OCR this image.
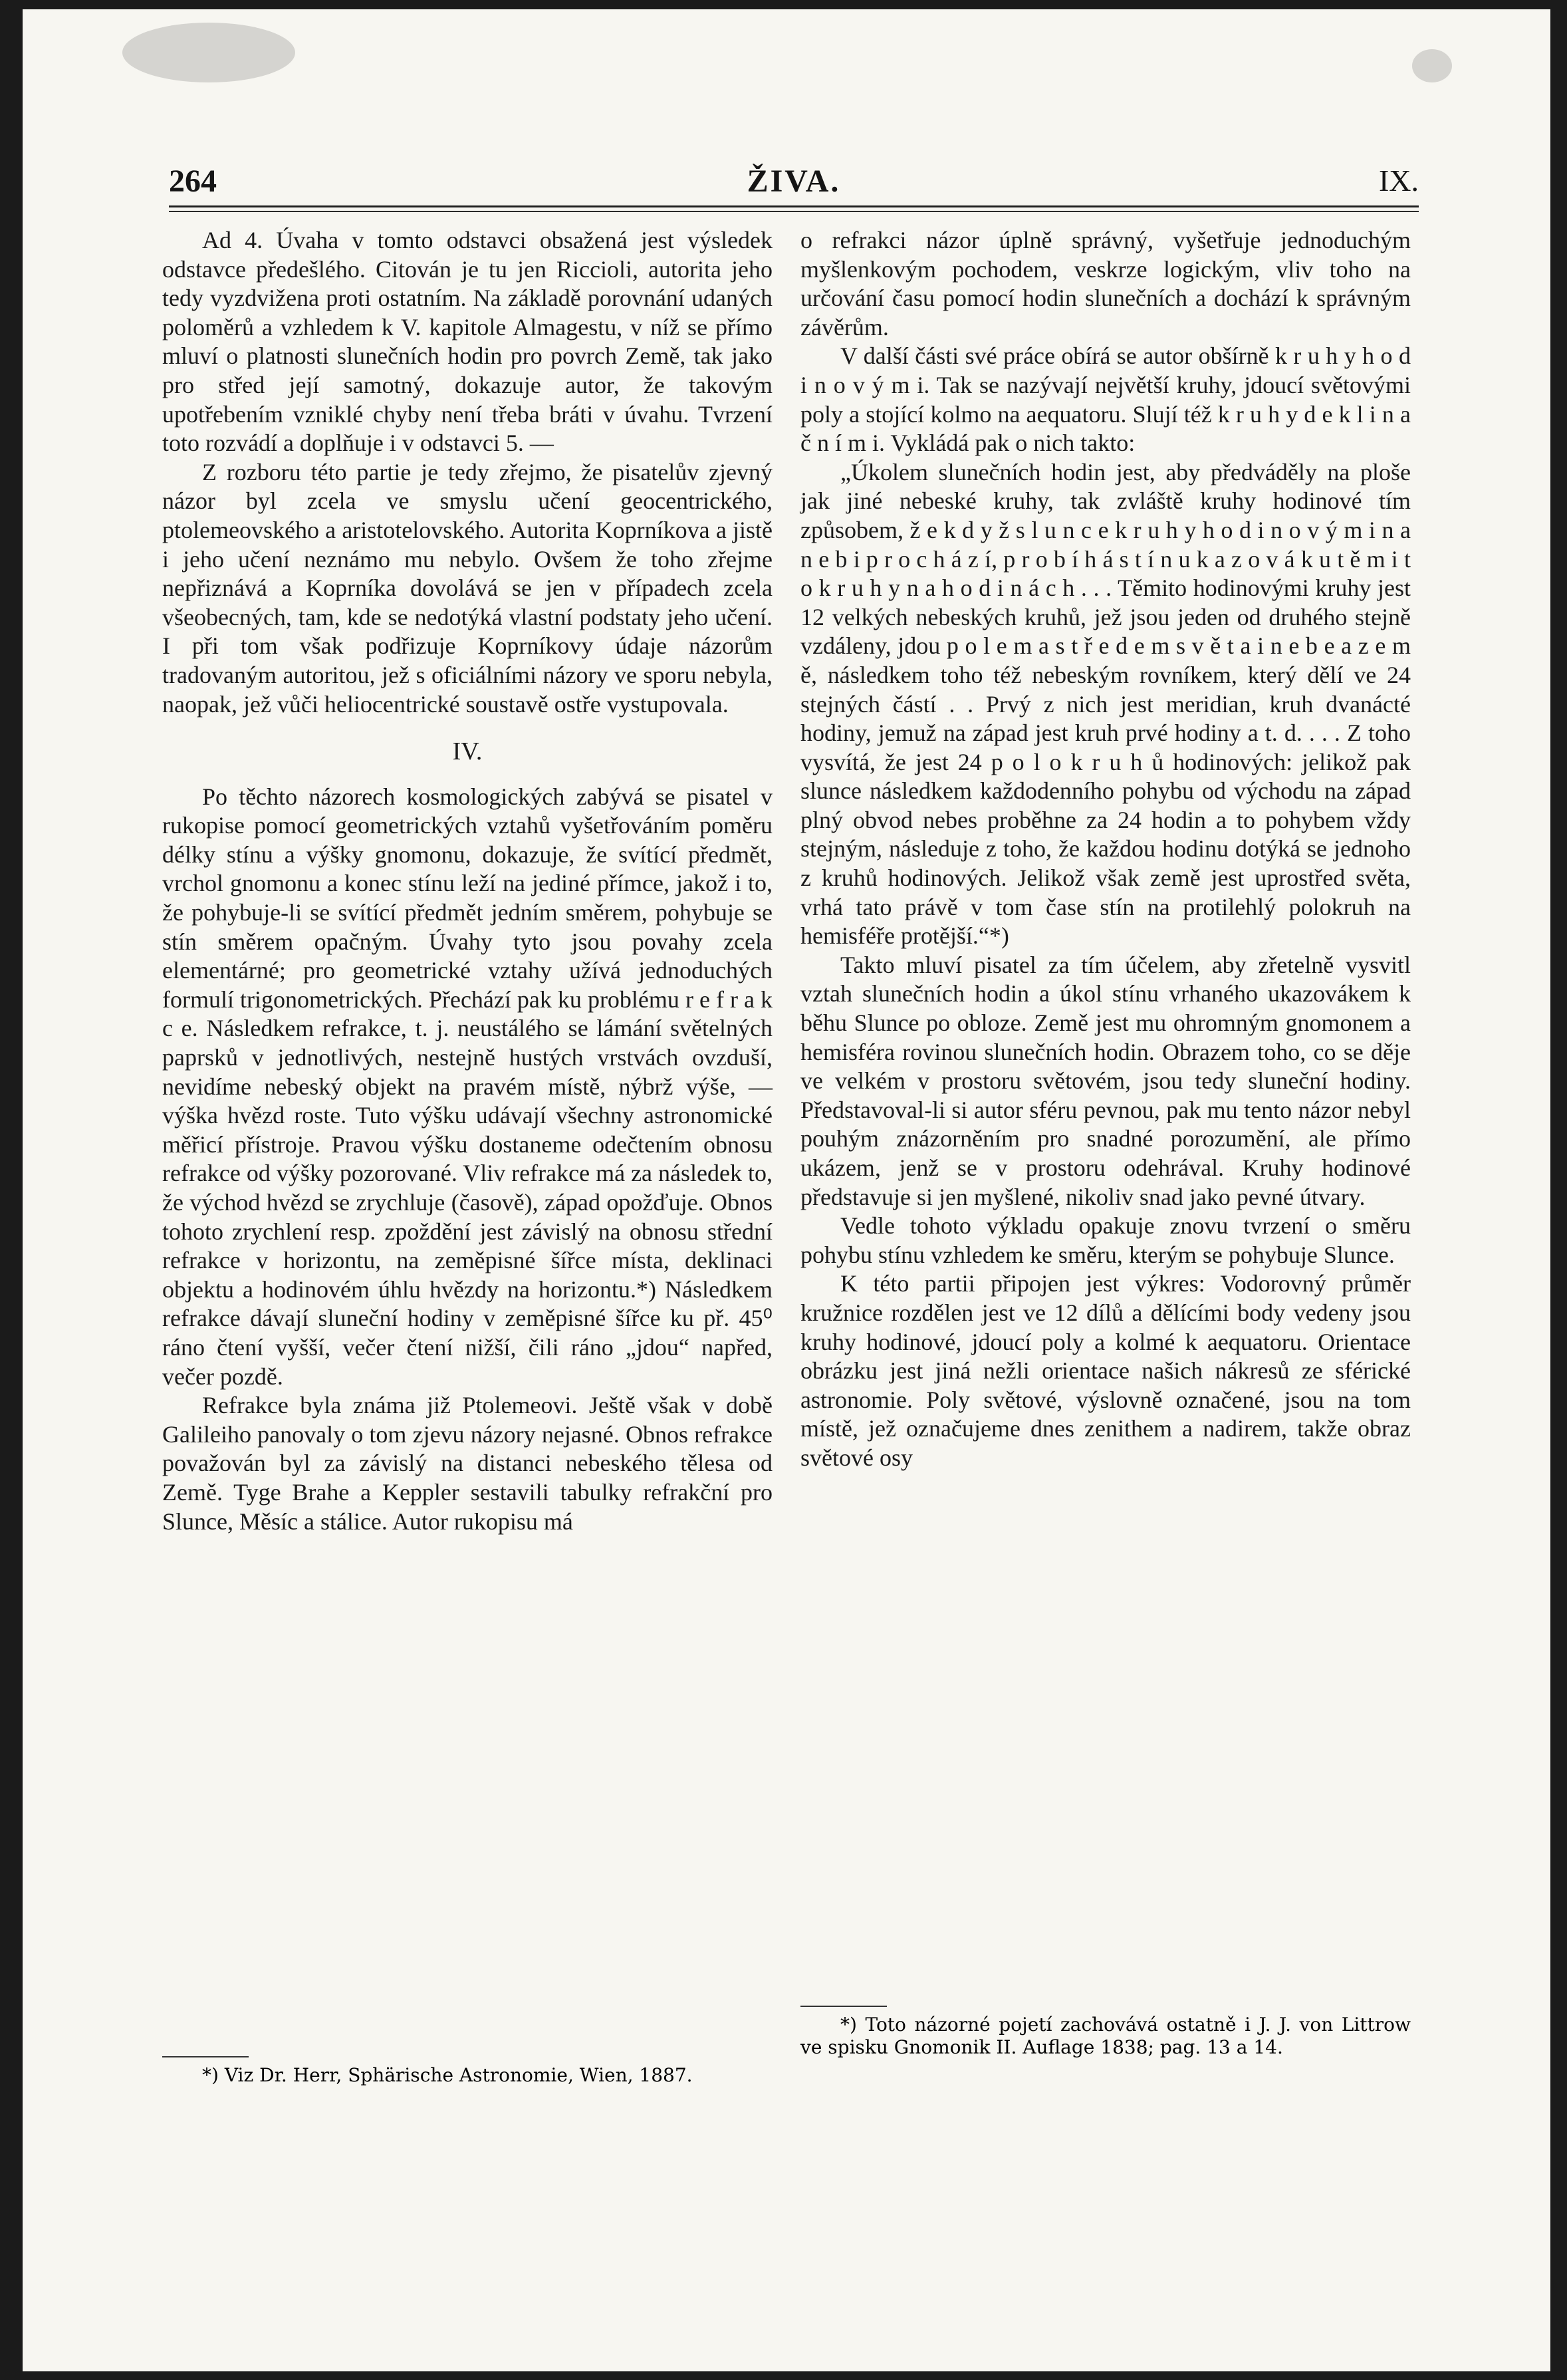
264	ŽIVA.	IX.

Ad 4. Úvaha v tomto odstavci obsažená jest výsledek odstavce předešlého. Citován je tu jen Riccioli, autorita jeho tedy vyzdvižena proti ostatním. Na základě porovnání udaných poloměrů a vzhledem k V. kapitole Almagestu, v níž se přímo mluví o platnosti slunečních hodin pro povrch Země, tak jako pro střed její samotný, dokazuje autor, že takovým upotřebením vzniklé chyby není třeba bráti v úvahu. Tvrzení toto rozvádí a doplňuje i v odstavci 5. —

Z rozboru této partie je tedy zřejmo, že pisatelův zjevný názor byl zcela ve smyslu učení geocentrického, ptolemeovského a aristotelovského. Autorita Koprníkova a jistě i jeho učení neznámo mu nebylo. Ovšem že toho zřejme nepřiznává a Koprníka dovolává se jen v případech zcela všeobecných, tam, kde se nedotýká vlastní podstaty jeho učení. I při tom však podřizuje Koprníkovy údaje názorům tradovaným autoritou, jež s oficiálními názory ve sporu nebyla, naopak, jež vůči heliocentrické soustavě ostře vystupovala.

IV.

Po těchto názorech kosmologických zabývá se pisatel v rukopise pomocí geometrických vztahů vyšetřováním poměru délky stínu a výšky gnomonu, dokazuje, že svítící předmět, vrchol gnomonu a konec stínu leží na jediné přímce, jakož i to, že pohybuje-li se svítící předmět jedním směrem, pohybuje se stín směrem opačným. Úvahy tyto jsou povahy zcela elementárné; pro geometrické vztahy užívá jednoduchých formulí trigonometrických. Přechází pak ku problému r e f r a k c e. Následkem refrakce, t. j. neustálého se lámání světelných paprsků v jednotlivých, nestejně hustých vrstvách ovzduší, nevidíme nebeský objekt na pravém místě, nýbrž výše, — výška hvězd roste. Tuto výšku udávají všechny astronomické měřicí přístroje. Pravou výšku dostaneme odečtením obnosu refrakce od výšky pozorované. Vliv refrakce má za následek to, že východ hvězd se zrychluje (časově), západ opožďuje. Obnos tohoto zrychlení resp. zpoždění jest závislý na obnosu střední refrakce v horizontu, na zeměpisné šířce místa, deklinaci objektu a hodinovém úhlu hvězdy na horizontu.*) Následkem refrakce dávají sluneční hodiny v zeměpisné šířce ku př. 45⁰ ráno čtení vyšší, večer čtení nižší, čili ráno „jdou“ napřed, večer pozdě.

Refrakce byla známa již Ptolemeovi. Ještě však v době Galileiho panovaly o tom zjevu názory nejasné. Obnos refrakce považován byl za závislý na distanci nebeského tělesa od Země. Tyge Brahe a Keppler sestavili tabulky refrakční pro Slunce, Měsíc a stálice. Autor rukopisu má

*) Viz Dr. Herr, Sphärische Astronomie, Wien, 1887.

o refrakci názor úplně správný, vyšetřuje jednoduchým myšlenkovým pochodem, veskrze logickým, vliv toho na určování času pomocí hodin slunečních a dochází k správným závěrům.

V další části své práce obírá se autor obšírně k r u h y h o d i n o v ý m i. Tak se nazývají největší kruhy, jdoucí světovými poly a stojící kolmo na aequatoru. Slují též k r u h y d e k l i n a č n í m i. Vykládá pak o nich takto:

„Úkolem slunečních hodin jest, aby předváděly na ploše jak jiné nebeské kruhy, tak zvláště kruhy hodinové tím způsobem, ž e k d y ž s l u n c e k r u h y h o d i n o v ý m i n a n e b i p r o c h á z í, p r o b í h á s t í n u k a z o v á k u t ě m i t o k r u h y n a h o d i n á c h . . . Těmito hodinovými kruhy jest 12 velkých nebeských kruhů, jež jsou jeden od druhého stejně vzdáleny, jdou p o l e m a s t ř e d e m s v ě t a i n e b e a z e m ě, následkem toho též nebeským rovníkem, který dělí ve 24 stejných částí . . Prvý z nich jest meridian, kruh dvanácté hodiny, jemuž na západ jest kruh prvé hodiny a t. d. . . . Z toho vysvítá, že jest 24 p o l o k r u h ů hodinových: jelikož pak slunce následkem každodenního pohybu od východu na západ plný obvod nebes proběhne za 24 hodin a to pohybem vždy stejným, následuje z toho, že každou hodinu dotýká se jednoho z kruhů hodinových. Jelikož však země jest uprostřed světa, vrhá tato právě v tom čase stín na protilehlý polokruh na hemisféře protější.“*)

Takto mluví pisatel za tím účelem, aby zřetelně vysvitl vztah slunečních hodin a úkol stínu vrhaného ukazovákem k běhu Slunce po obloze. Země jest mu ohromným gnomonem a hemisféra rovinou slunečních hodin. Obrazem toho, co se děje ve velkém v prostoru světovém, jsou tedy sluneční hodiny. Představoval-li si autor sféru pevnou, pak mu tento názor nebyl pouhým znázorněním pro snadné porozumění, ale přímo ukázem, jenž se v prostoru odehrával. Kruhy hodinové představuje si jen myšlené, nikoliv snad jako pevné útvary.

Vedle tohoto výkladu opakuje znovu tvrzení o směru pohybu stínu vzhledem ke směru, kterým se pohybuje Slunce.

K této partii připojen jest výkres: Vodorovný průměr kružnice rozdělen jest ve 12 dílů a dělícími body vedeny jsou kruhy hodinové, jdoucí poly a kolmé k aequatoru. Orientace obrázku jest jiná nežli orientace našich nákresů ze sférické astronomie. Poly světové, výslovně označené, jsou na tom místě, jež označujeme dnes zenithem a nadirem, takže obraz světové osy

*) Toto názorné pojetí zachovává ostatně i J. J. von Littrow ve spisku Gnomonik II. Auflage 1838; pag. 13 a 14.
